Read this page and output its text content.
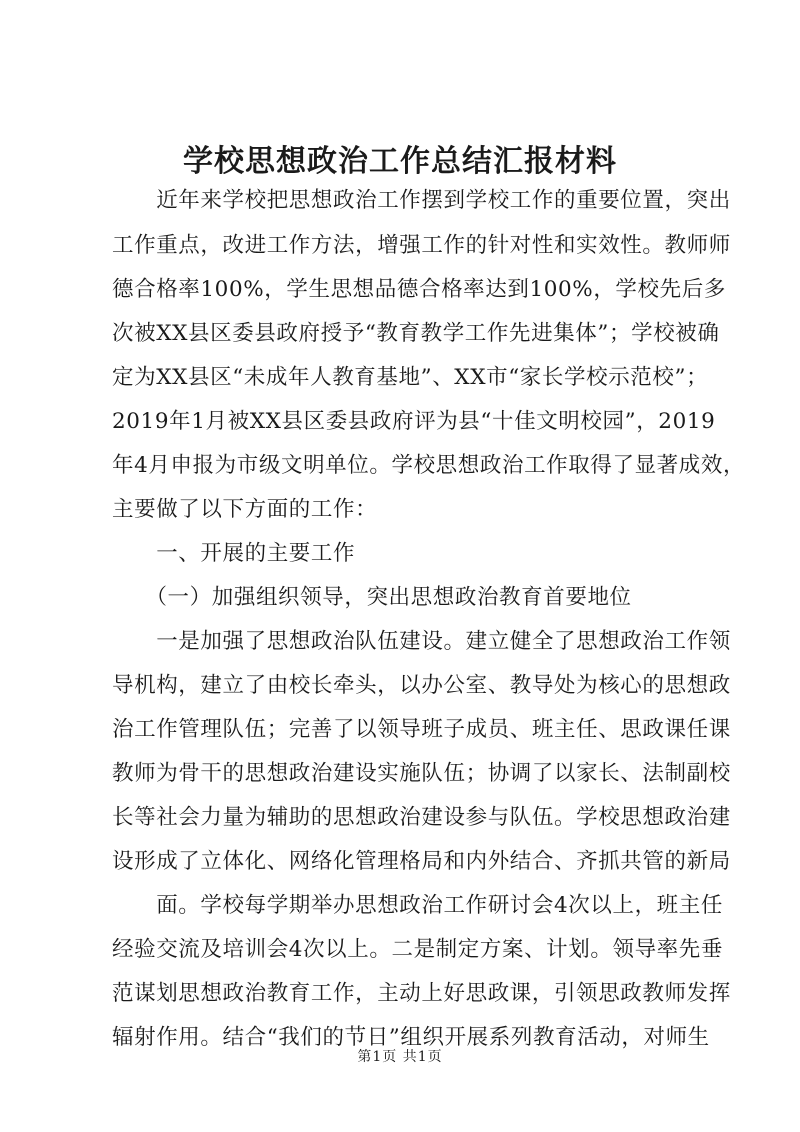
学校思想政治工作总结汇报材料

　　近年来学校把思想政治工作摆到学校工作的重要位置，突出

工作重点，改进工作方法，增强工作的针对性和实效性。教师师

德合格率100%，学生思想品德合格率达到100%，学校先后多

次被XX县区委县政府授予“教育教学工作先进集体”；学校被确

定为XX县区“未成年人教育基地”、XX市“家长学校示范校”；

2019年1月被XX县区委县政府评为县“十佳文明校园”，2019

年4月申报为市级文明单位。学校思想政治工作取得了显著成效，

主要做了以下方面的工作：

　　一、开展的主要工作

　　（一）加强组织领导，突出思想政治教育首要地位

　　一是加强了思想政治队伍建设。建立健全了思想政治工作领

导机构，建立了由校长牵头，以办公室、教导处为核心的思想政

治工作管理队伍；完善了以领导班子成员、班主任、思政课任课

教师为骨干的思想政治建设实施队伍；协调了以家长、法制副校

长等社会力量为辅助的思想政治建设参与队伍。学校思想政治建

设形成了立体化、网络化管理格局和内外结合、齐抓共管的新局

　　面。学校每学期举办思想政治工作研讨会4次以上，班主任

经验交流及培训会4次以上。二是制定方案、计划。领导率先垂

范谋划思想政治教育工作，主动上好思政课，引领思政教师发挥

辐射作用。结合“我们的节日”组织开展系列教育活动，对师生

第1页 共1页
